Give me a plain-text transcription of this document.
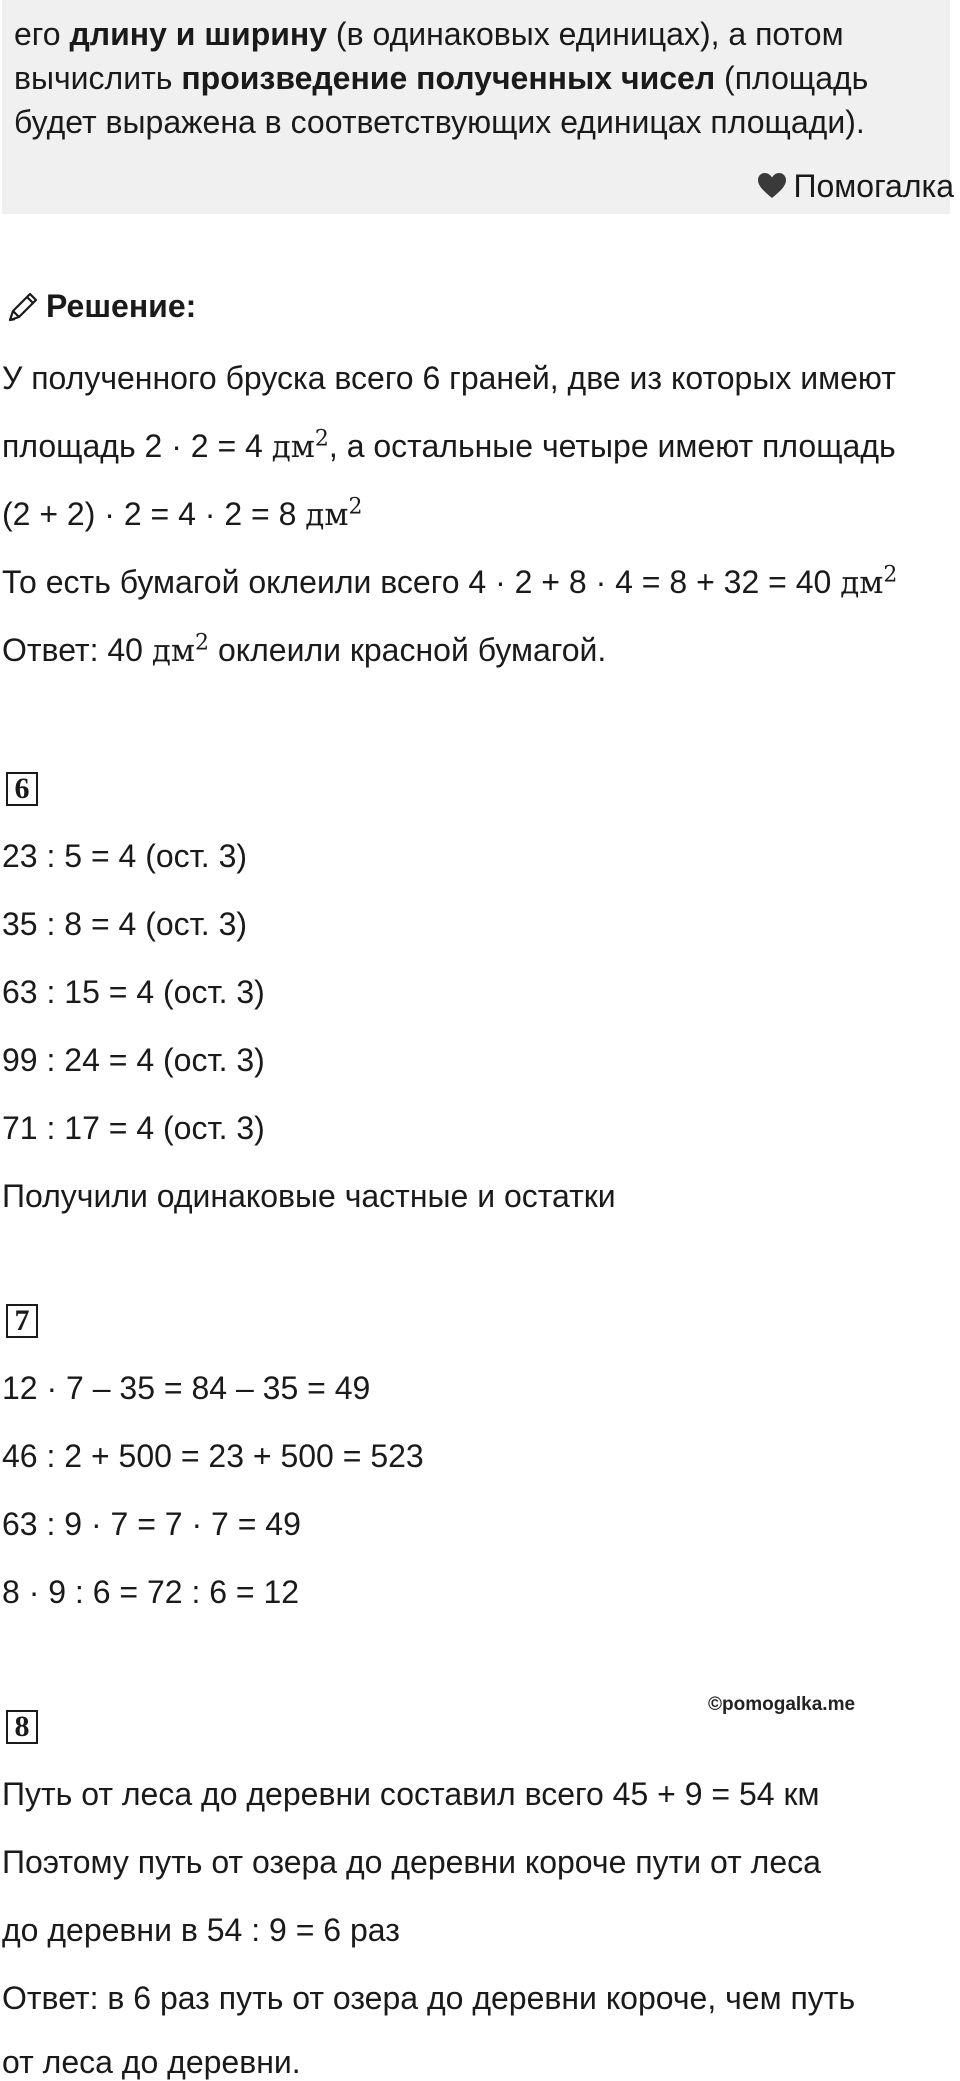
его длину и ширину (в одинаковых единицах), а потом
вычислить произведение полученных чисел (площадь
будет выражена в соответствующих единицах площади).
Помогалка
Решение:
У полученного бруска всего 6 граней, две из которых имеют
площадь 2 · 2 = 4 $дм^2$, а остальные четыре имеют площадь
(2 + 2) · 2 = 4 · 2 = 8 $дм^2$
То есть бумагой оклеили всего 4 · 2 + 8 · 4 = 8 + 32 = 40 $дм^2$
Ответ: 40 $дм^2$ оклеили красной бумагой.
6
23 : 5 = 4 (ост. 3)
35 : 8 = 4 (ост. 3)
63 : 15 = 4 (ост. 3)
99 : 24 = 4 (ост. 3)
71 : 17 = 4 (ост. 3)
Получили одинаковые частные и остатки
7
12 · 7 – 35 = 84 – 35 = 49
46 : 2 + 500 = 23 + 500 = 523
63 : 9 · 7 = 7 · 7 = 49
8 · 9 : 6 = 72 : 6 = 12
8
©pomogalka.me
Путь от леса до деревни составил всего 45 + 9 = 54 км
Поэтому путь от озера до деревни короче пути от леса
до деревни в 54 : 9 = 6 раз
Ответ: в 6 раз путь от озера до деревни короче, чем путь
от леса до деревни.
